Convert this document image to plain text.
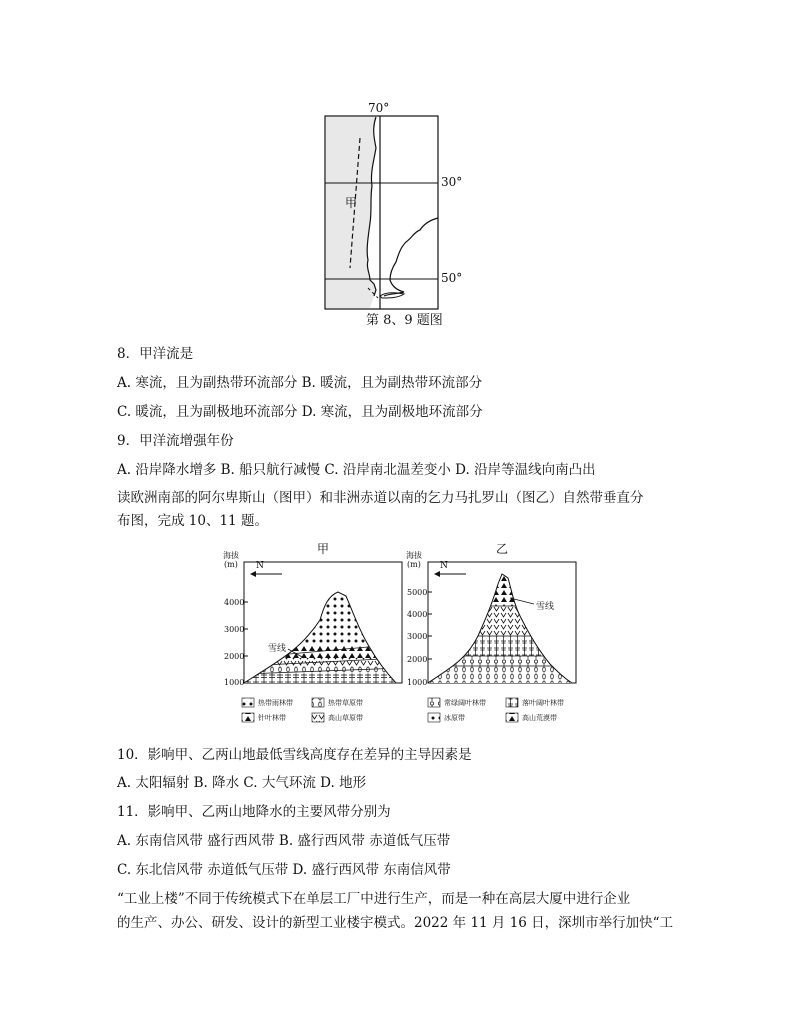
70°
甲
30°
50°
第 8、9 题图
8．甲洋流是
A. 寒流，且为副热带环流部分 B. 暖流，且为副热带环流部分
C. 暖流，且为副极地环流部分 D. 寒流，且为副极地环流部分
9．甲洋流增强年份
A. 沿岸降水增多 B. 船只航行减慢 C. 沿岸南北温差变小 D. 沿岸等温线向南凸出
读欧洲南部的阿尔卑斯山（图甲）和非洲赤道以南的乞力马扎罗山（图乙）自然带垂直分
布图，完成 10、11 题。
甲
海拔
(m) N
雪线
4000
3000
2000
1000
乙
海拔
(m) N
雪线
5000
4000
3000
2000
1000
热带雨林带	热带草原带	常绿阔叶林带	落叶阔叶林带
针叶林带	高山草原带	冰原带	高山荒漠带
10．影响甲、乙两山地最低雪线高度存在差异的主导因素是
A. 太阳辐射 B. 降水 C. 大气环流 D. 地形
11．影响甲、乙两山地降水的主要风带分别为
A. 东南信风带 盛行西风带 B. 盛行西风带 赤道低气压带
C. 东北信风带 赤道低气压带 D. 盛行西风带 东南信风带
“工业上楼”不同于传统模式下在单层工厂中进行生产，而是一种在高层大厦中进行企业
的生产、办公、研发、设计的新型工业楼宇模式。2022 年 11 月 16 日，深圳市举行加快“工
